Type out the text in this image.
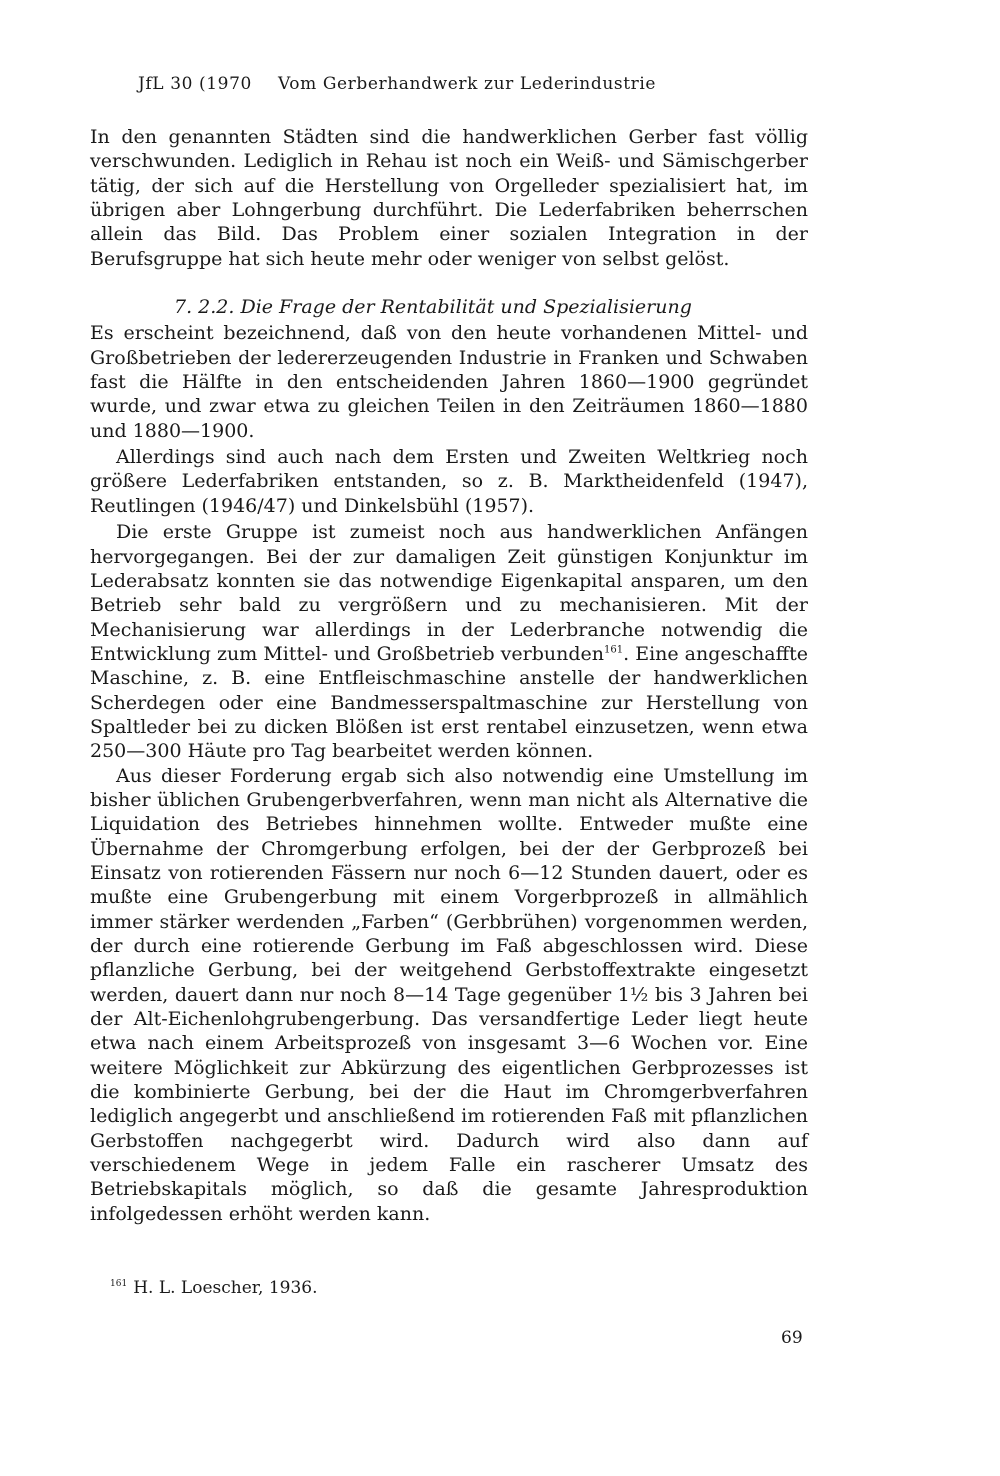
JfL 30 (1970 Vom Gerberhandwerk zur Lederindustrie

In den genannten Städten sind die handwerklichen Gerber fast völlig verschwunden. Lediglich in Rehau ist noch ein Weiß- und Sämischgerber tätig, der sich auf die Herstellung von Orgelleder spezialisiert hat, im übrigen aber Lohngerbung durchführt. Die Lederfabriken beherrschen allein das Bild. Das Problem einer sozialen Integration in der Berufsgruppe hat sich heute mehr oder weniger von selbst gelöst.

7. 2.2. Die Frage der Rentabilität und Spezialisierung

Es erscheint bezeichnend, daß von den heute vorhandenen Mittel- und Großbetrieben der ledererzeugenden Industrie in Franken und Schwaben fast die Hälfte in den entscheidenden Jahren 1860—1900 gegründet wurde, und zwar etwa zu gleichen Teilen in den Zeiträumen 1860—1880 und 1880—1900.

Allerdings sind auch nach dem Ersten und Zweiten Weltkrieg noch größere Lederfabriken entstanden, so z. B. Marktheidenfeld (1947), Reutlingen (1946/47) und Dinkelsbühl (1957).

Die erste Gruppe ist zumeist noch aus handwerklichen Anfängen hervorgegangen. Bei der zur damaligen Zeit günstigen Konjunktur im Lederabsatz konnten sie das notwendige Eigenkapital ansparen, um den Betrieb sehr bald zu vergrößern und zu mechanisieren. Mit der Mechanisierung war allerdings in der Lederbranche notwendig die Entwicklung zum Mittel- und Großbetrieb verbunden$^{161}$. Eine angeschaffte Maschine, z. B. eine Entfleischmaschine anstelle der handwerklichen Scherdegen oder eine Bandmesserspaltmaschine zur Herstellung von Spaltleder bei zu dicken Blößen ist erst rentabel einzusetzen, wenn etwa 250—300 Häute pro Tag bearbeitet werden können.

Aus dieser Forderung ergab sich also notwendig eine Umstellung im bisher üblichen Grubengerbverfahren, wenn man nicht als Alternative die Liquidation des Betriebes hinnehmen wollte. Entweder mußte eine Übernahme der Chromgerbung erfolgen, bei der der Gerbprozeß bei Einsatz von rotierenden Fässern nur noch 6—12 Stunden dauert, oder es mußte eine Grubengerbung mit einem Vorgerbprozeß in allmählich immer stärker werdenden „Farben“ (Gerbbrühen) vorgenommen werden, der durch eine rotierende Gerbung im Faß abgeschlossen wird. Diese pflanzliche Gerbung, bei der weitgehend Gerbstoffextrakte eingesetzt werden, dauert dann nur noch 8—14 Tage gegenüber 1½ bis 3 Jahren bei der Alt-Eichenlohgrubengerbung. Das versandfertige Leder liegt heute etwa nach einem Arbeitsprozeß von insgesamt 3—6 Wochen vor. Eine weitere Möglichkeit zur Abkürzung des eigentlichen Gerbprozesses ist die kombinierte Gerbung, bei der die Haut im Chromgerbverfahren lediglich angegerbt und anschließend im rotierenden Faß mit pflanzlichen Gerbstoffen nachgegerbt wird. Dadurch wird also dann auf verschiedenem Wege in jedem Falle ein rascherer Umsatz des Betriebskapitals möglich, so daß die gesamte Jahresproduktion infolgedessen erhöht werden kann.

$^{161}$ H. L. Loescher, 1936.
69
